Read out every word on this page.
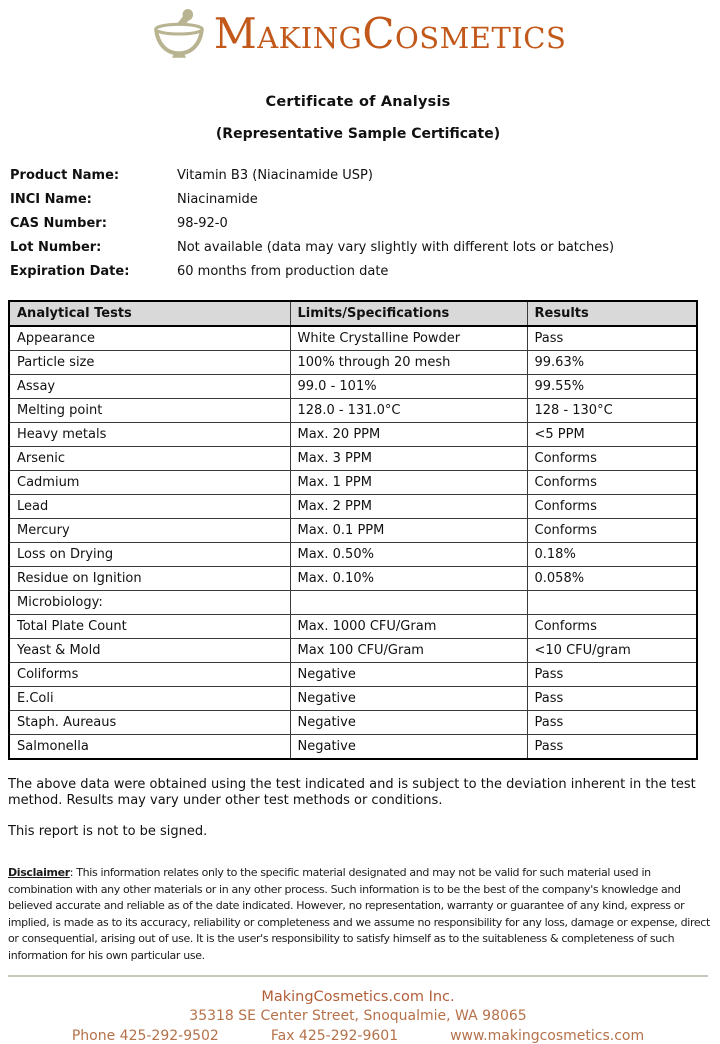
MAKINGCOSMETICS
Certificate of Analysis
(Representative Sample Certificate)
Product Name:	Vitamin B3 (Niacinamide USP)
INCI Name:	Niacinamide
CAS Number:	98-92-0
Lot Number:	Not available (data may vary slightly with different lots or batches)
Expiration Date:	60 months from production date
Analytical Tests	Limits/Specifications	Results
Appearance	White Crystalline Powder	Pass
Particle size	100% through 20 mesh	99.63%
Assay	99.0 - 101%	99.55%
Melting point	128.0 - 131.0°C	128 - 130°C
Heavy metals	Max. 20 PPM	<5 PPM
Arsenic	Max. 3 PPM	Conforms
Cadmium	Max. 1 PPM	Conforms
Lead	Max. 2 PPM	Conforms
Mercury	Max. 0.1 PPM	Conforms
Loss on Drying	Max. 0.50%	0.18%
Residue on Ignition	Max. 0.10%	0.058%
Microbiology:		
Total Plate Count	Max. 1000 CFU/Gram	Conforms
Yeast & Mold	Max 100 CFU/Gram	<10 CFU/gram
Coliforms	Negative	Pass
E.Coli	Negative	Pass
Staph. Aureaus	Negative	Pass
Salmonella	Negative	Pass
The above data were obtained using the test indicated and is subject to the deviation inherent in the test method. Results may vary under other test methods or conditions.
This report is not to be signed.
Disclaimer: This information relates only to the specific material designated and may not be valid for such material used in combination with any other materials or in any other process. Such information is to be the best of the company's knowledge and believed accurate and reliable as of the date indicated. However, no representation, warranty or guarantee of any kind, express or implied, is made as to its accuracy, reliability or completeness and we assume no responsibility for any loss, damage or expense, direct or consequential, arising out of use. It is the user's responsibility to satisfy himself as to the suitableness & completeness of such information for his own particular use.
MakingCosmetics.com Inc.
35318 SE Center Street, Snoqualmie, WA 98065
Phone 425-292-9502	Fax 425-292-9601	www.makingcosmetics.com
